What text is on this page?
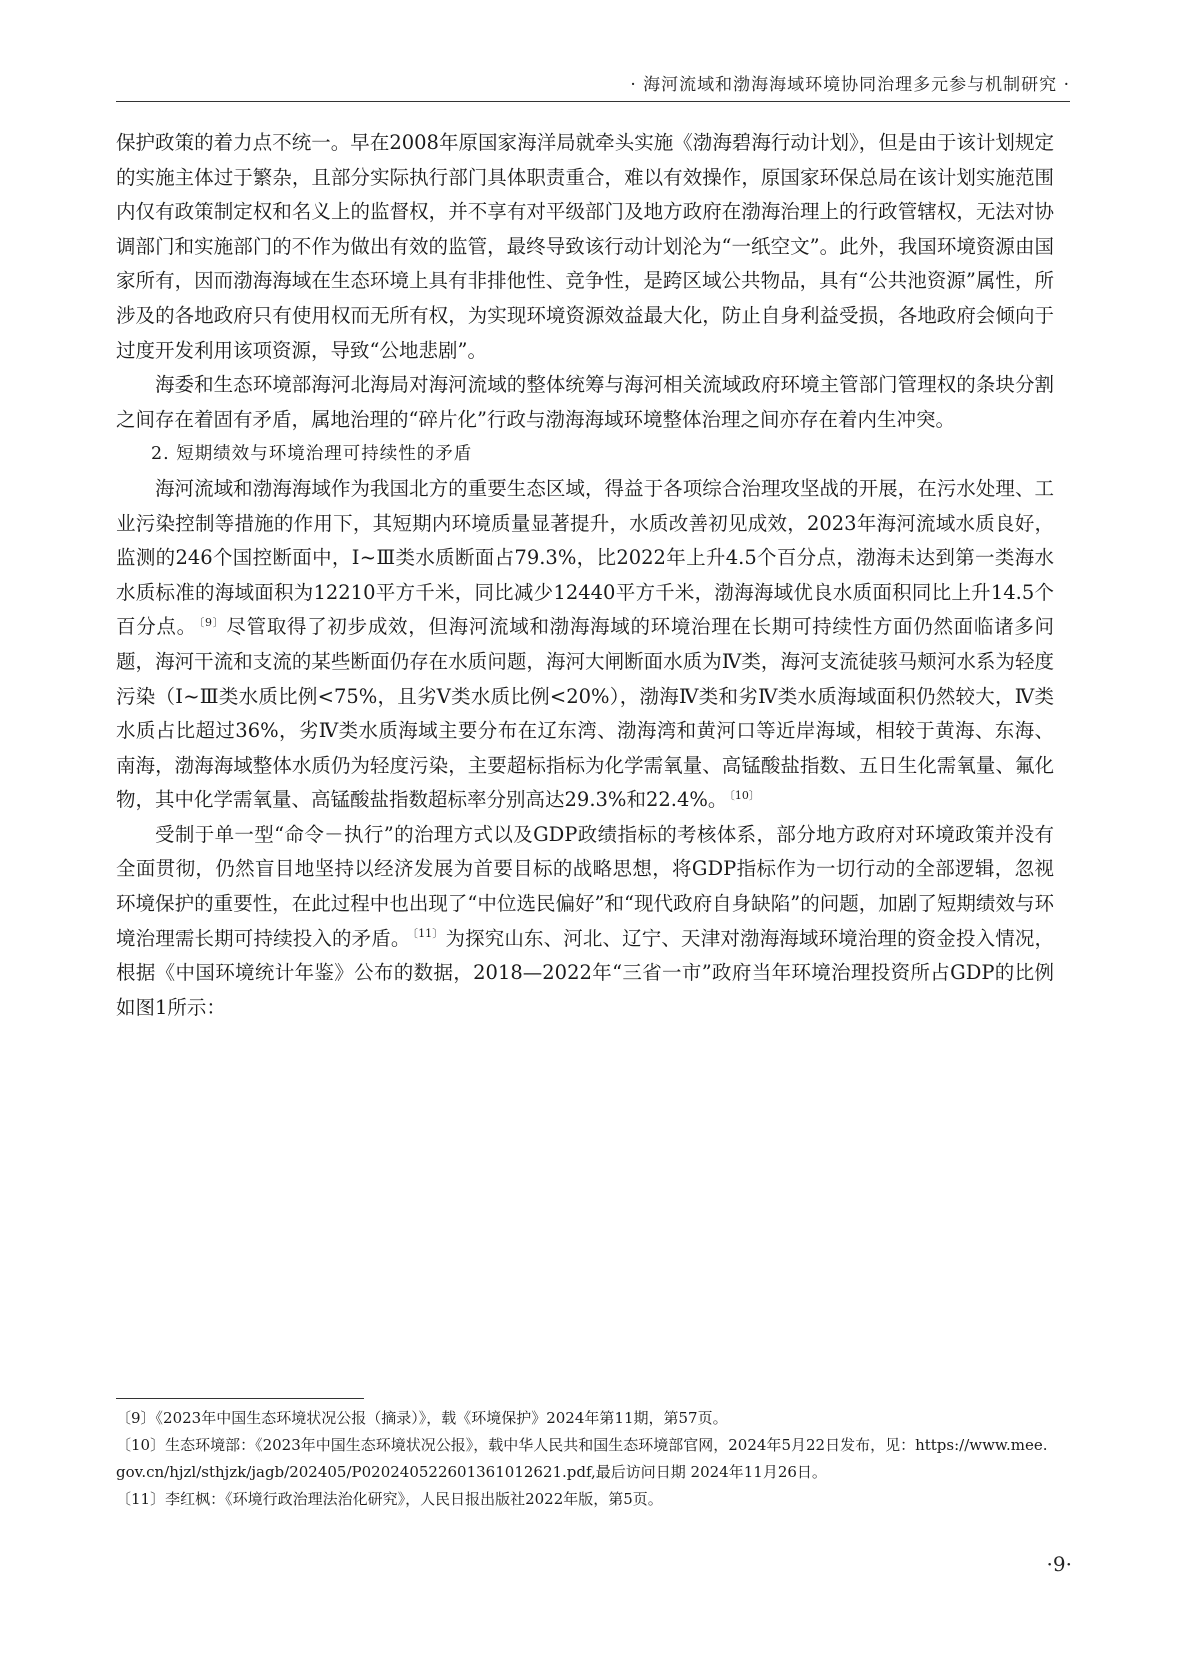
· 海河流域和渤海海域环境协同治理多元参与机制研究 ·

保护政策的着力点不统一。早在2008年原国家海洋局就牵头实施《渤海碧海行动计划》，但是由于该计划规定的实施主体过于繁杂，且部分实际执行部门具体职责重合，难以有效操作，原国家环保总局在该计划实施范围内仅有政策制定权和名义上的监督权，并不享有对平级部门及地方政府在渤海治理上的行政管辖权，无法对协调部门和实施部门的不作为做出有效的监管，最终导致该行动计划沦为“一纸空文”。此外，我国环境资源由国家所有，因而渤海海域在生态环境上具有非排他性、竞争性，是跨区域公共物品，具有“公共池资源”属性，所涉及的各地政府只有使用权而无所有权，为实现环境资源效益最大化，防止自身利益受损，各地政府会倾向于过度开发利用该项资源，导致“公地悲剧”。

海委和生态环境部海河北海局对海河流域的整体统筹与海河相关流域政府环境主管部门管理权的条块分割之间存在着固有矛盾，属地治理的“碎片化”行政与渤海海域环境整体治理之间亦存在着内生冲突。

2. 短期绩效与环境治理可持续性的矛盾

海河流域和渤海海域作为我国北方的重要生态区域，得益于各项综合治理攻坚战的开展，在污水处理、工业污染控制等措施的作用下，其短期内环境质量显著提升，水质改善初见成效，2023年海河流域水质良好，监测的246个国控断面中，Ⅰ~Ⅲ类水质断面占79.3%，比2022年上升4.5个百分点，渤海未达到第一类海水水质标准的海域面积为12210平方千米，同比减少12440平方千米，渤海海域优良水质面积同比上升14.5个百分点。 $^{〔9〕}$ 尽管取得了初步成效，但海河流域和渤海海域的环境治理在长期可持续性方面仍然面临诸多问题，海河干流和支流的某些断面仍存在水质问题，海河大闸断面水质为Ⅳ类，海河支流徒骇马颊河水系为轻度污染（Ⅰ~Ⅲ类水质比例<75%，且劣Ⅴ类水质比例<20%），渤海Ⅳ类和劣Ⅳ类水质海域面积仍然较大，Ⅳ类水质占比超过36%，劣Ⅳ类水质海域主要分布在辽东湾、渤海湾和黄河口等近岸海域，相较于黄海、东海、南海，渤海海域整体水质仍为轻度污染，主要超标指标为化学需氧量、高锰酸盐指数、五日生化需氧量、氟化物，其中化学需氧量、高锰酸盐指数超标率分别高达29.3%和22.4%。 $^{〔10〕}$

受制于单一型“命令－执行”的治理方式以及GDP政绩指标的考核体系，部分地方政府对环境政策并没有全面贯彻，仍然盲目地坚持以经济发展为首要目标的战略思想，将GDP指标作为一切行动的全部逻辑，忽视环境保护的重要性，在此过程中也出现了“中位选民偏好”和“现代政府自身缺陷”的问题，加剧了短期绩效与环境治理需长期可持续投入的矛盾。 $^{〔11〕}$ 为探究山东、河北、辽宁、天津对渤海海域环境治理的资金投入情况，根据《中国环境统计年鉴》公布的数据，2018—2022年“三省一市”政府当年环境治理投资所占GDP的比例如图1所示：

〔9〕《2023年中国生态环境状况公报（摘录）》，载《环境保护》2024年第11期，第57页。

〔10〕生态环境部：《2023年中国生态环境状况公报》，载中华人民共和国生态环境部官网，2024年5月22日发布，见：https://www.mee.gov.cn/hjzl/sthjzk/jagb/202405/P020240522601361012621.pdf,最后访问日期 2024年11月26日。

〔11〕李红枫：《环境行政治理法治化研究》，人民日报出版社2022年版，第5页。

·9·
